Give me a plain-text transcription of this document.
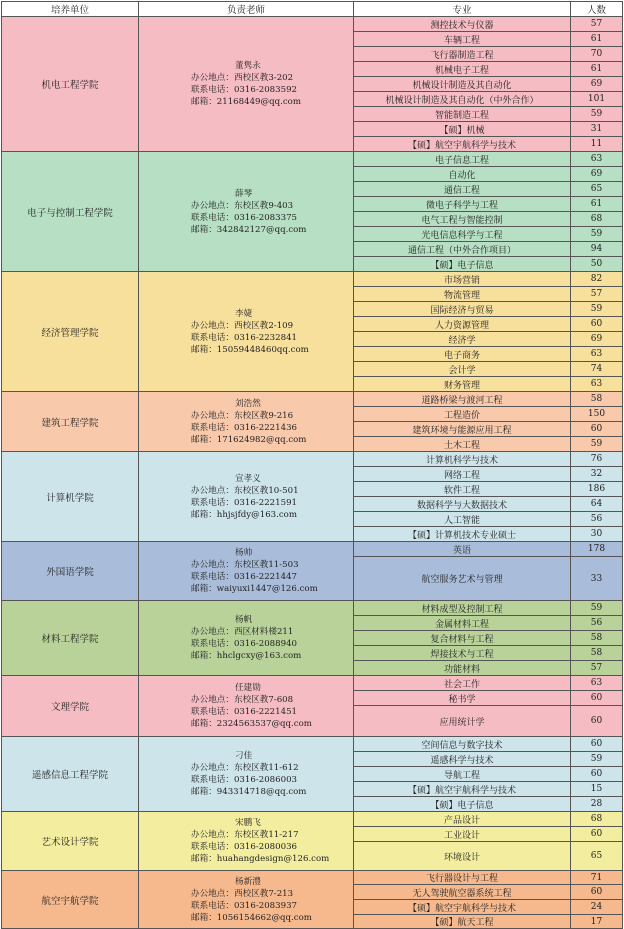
培养单位	负责老师	专业	人数
机电工程学院	董隽永
办公地点：西校区教3-202
联系电话：0316-2083592
邮箱：21168449@qq.com	测控技术与仪器	57
		车辆工程	61
		飞行器制造工程	70
		机械电子工程	61
		机械设计制造及其自动化	69
		机械设计制造及其自动化（中外合作）	101
		智能制造工程	59
		【硕】机械	31
		【硕】航空宇航科学与技术	11
电子与控制工程学院	薛琴
办公地点：东校区教9-403
联系电话：0316-2083375
邮箱：342842127@qq.com	电子信息工程	63
		自动化	69
		通信工程	65
		微电子科学与工程	61
		电气工程与智能控制	68
		光电信息科学与工程	59
		通信工程（中外合作项目）	94
		【硕】电子信息	50
经济管理学院	李婕
办公地点：西校区教2-109
联系电话：0316-2232841
邮箱：15059448460qq.com	市场营销	82
		物流管理	57
		国际经济与贸易	59
		人力资源管理	60
		经济学	69
		电子商务	63
		会计学	74
		财务管理	63
建筑工程学院	刘浩然
办公地点：东校区教9-216
联系电话：0316-2221436
邮箱：171624982@qq.com	道路桥梁与渡河工程	58
		工程造价	150
		建筑环境与能源应用工程	60
		土木工程	59
计算机学院	宣孝义
办公地点：东校区教10-501
联系电话：0316-2221591
邮箱：hhjsjfdy@163.com	计算机科学与技术	76
		网络工程	32
		软件工程	186
		数据科学与大数据技术	64
		人工智能	56
		【硕】计算机技术专业硕士	30
外国语学院	杨帅
办公地点：东校区教11-503
联系电话：0316-2221447
邮箱：waiyuxi1447@126.com	英语	178
		航空服务艺术与管理	33
材料工程学院	杨帆
办公地点：西区材料楼211
联系电话：0316-2088940
邮箱：hhclgcxy@163.com	材料成型及控制工程	59
		金属材料工程	56
		复合材料与工程	58
		焊接技术与工程	58
		功能材料	57
文理学院	任建勋
办公地点：东校区教7-608
联系电话：0316-2221451
邮箱：2324563537@qq.com	社会工作	63
		秘书学	60
		应用统计学	60
遥感信息工程学院	刁佳
办公地点：东校区教11-612
联系电话：0316-2086003
邮箱：943314718@qq.com	空间信息与数字技术	60
		遥感科学与技术	59
		导航工程	60
		【硕】航空宇航科学与技术	15
		【硕】电子信息	28
艺术设计学院	宋鹏飞
办公地点：东校区教11-217
联系电话：0316-2080036
邮箱：huahangdesign@126.com	产品设计	68
		工业设计	60
		环境设计	65
航空宇航学院	杨新澧
办公地点：西校区教7-213
联系电话：0316-2083937
邮箱：1056154662@qq.com	飞行器设计与工程	71
		无人驾驶航空器系统工程	60
		【硕】航空宇航科学与技术	24
		【硕】航天工程	17
